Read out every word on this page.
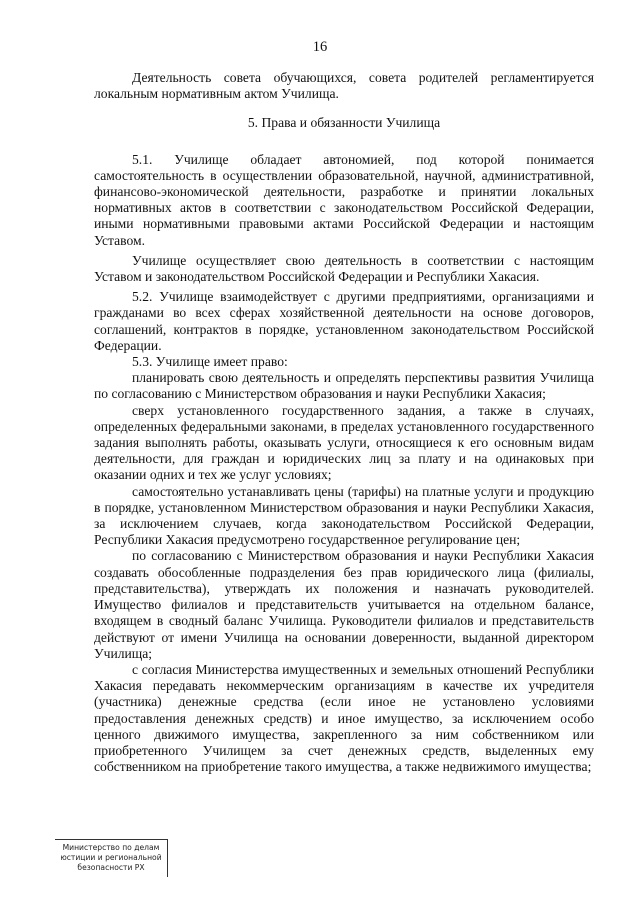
16

Деятельность совета обучающихся, совета родителей регламентируется локальным нормативным актом Училища.

5. Права и обязанности Училища

5.1. Училище обладает автономией, под которой понимается самостоятельность в осуществлении образовательной, научной, административной, финансово-экономической деятельности, разработке и принятии локальных нормативных актов в соответствии с законодательством Российской Федерации, иными нормативными правовыми актами Российской Федерации и настоящим Уставом.

Училище осуществляет свою деятельность в соответствии с настоящим Уставом и законодательством Российской Федерации и Республики Хакасия.

5.2. Училище взаимодействует с другими предприятиями, организациями и гражданами во всех сферах хозяйственной деятельности на основе договоров, соглашений, контрактов в порядке, установленном законодательством Российской Федерации.

5.3. Училище имеет право:

планировать свою деятельность и определять перспективы развития Училища по согласованию с Министерством образования и науки Республики Хакасия;

сверх установленного государственного задания, а также в случаях, определенных федеральными законами, в пределах установленного государственного задания выполнять работы, оказывать услуги, относящиеся к его основным видам деятельности, для граждан и юридических лиц за плату и на одинаковых при оказании одних и тех же услуг условиях;

самостоятельно устанавливать цены (тарифы) на платные услуги и продукцию в порядке, установленном Министерством образования и науки Республики Хакасия, за исключением случаев, когда законодательством Российской Федерации, Республики Хакасия предусмотрено государственное регулирование цен;

по согласованию с Министерством образования и науки Республики Хакасия создавать обособленные подразделения без прав юридического лица (филиалы, представительства), утверждать их положения и назначать руководителей. Имущество филиалов и представительств учитывается на отдельном балансе, входящем в сводный баланс Училища. Руководители филиалов и представительств действуют от имени Училища на основании доверенности, выданной директором Училища;

с согласия Министерства имущественных и земельных отношений Республики Хакасия передавать некоммерческим организациям в качестве их учредителя (участника) денежные средства (если иное не установлено условиями предоставления денежных средств) и иное имущество, за исключением особо ценного движимого имущества, закрепленного за ним собственником или приобретенного Училищем за счет денежных средств, выделенных ему собственником на приобретение такого имущества, а также недвижимого имущества;

Министерство по делам
юстиции и региональной
безопасности РХ
